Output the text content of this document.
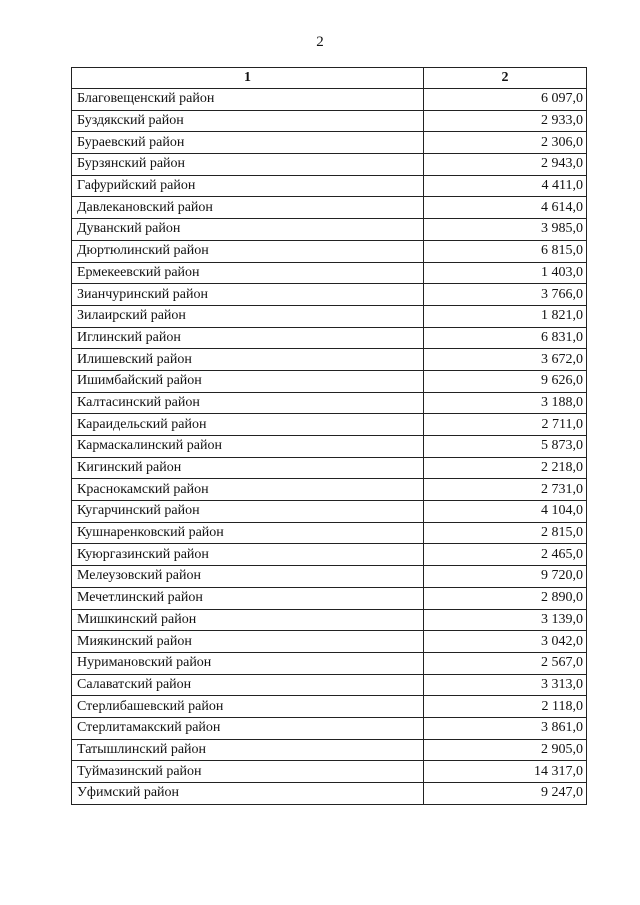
2
1	2
Благовещенский район	6 097,0
Буздякский район	2 933,0
Бураевский район	2 306,0
Бурзянский район	2 943,0
Гафурийский район	4 411,0
Давлекановский район	4 614,0
Дуванский район	3 985,0
Дюртюлинский район	6 815,0
Ермекеевский район	1 403,0
Зианчуринский район	3 766,0
Зилаирский район	1 821,0
Иглинский район	6 831,0
Илишевский район	3 672,0
Ишимбайский район	9 626,0
Калтасинский район	3 188,0
Караидельский район	2 711,0
Кармаскалинский район	5 873,0
Кигинский район	2 218,0
Краснокамский район	2 731,0
Кугарчинский район	4 104,0
Кушнаренковский район	2 815,0
Куюргазинский район	2 465,0
Мелеузовский район	9 720,0
Мечетлинский район	2 890,0
Мишкинский район	3 139,0
Миякинский район	3 042,0
Нуримановский район	2 567,0
Салаватский район	3 313,0
Стерлибашевский район	2 118,0
Стерлитамакский район	3 861,0
Татышлинский район	2 905,0
Туймазинский район	14 317,0
Уфимский район	9 247,0
